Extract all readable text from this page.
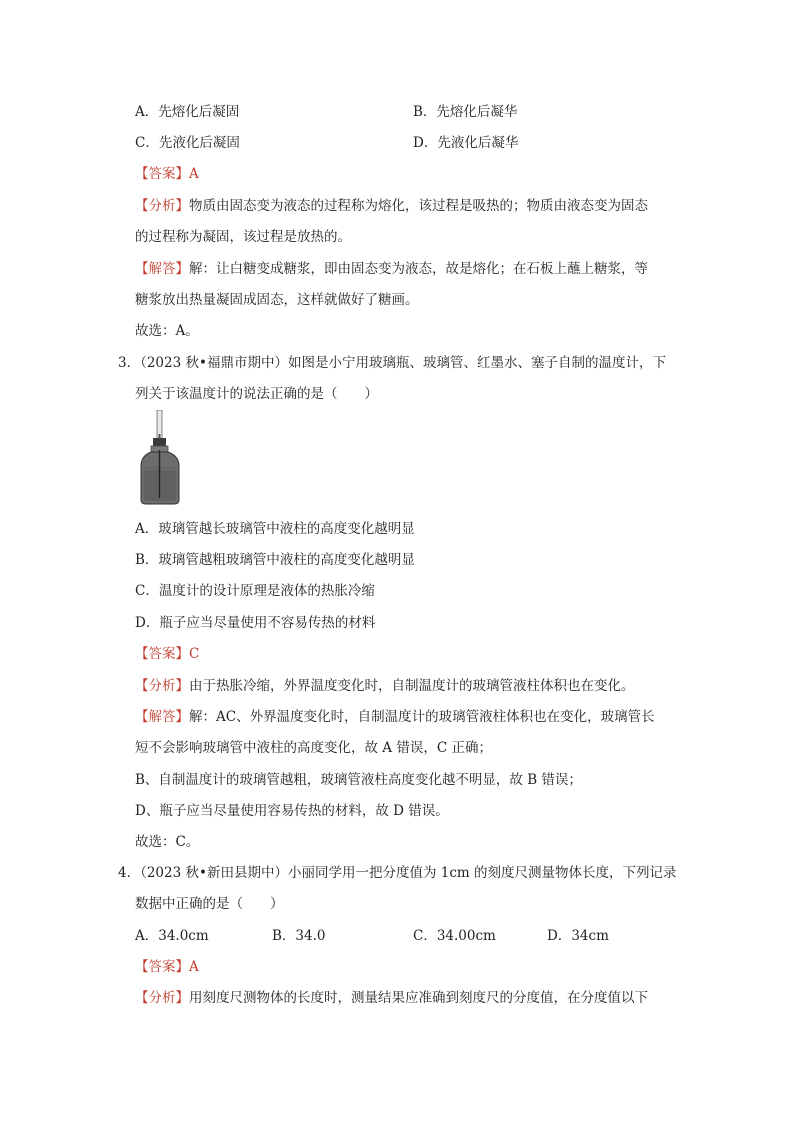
A．先熔化后凝固	B．先熔化后凝华
C．先液化后凝固	D．先液化后凝华
【答案】A
【分析】物质由固态变为液态的过程称为熔化，该过程是吸热的；物质由液态变为固态
的过程称为凝固，该过程是放热的。
【解答】解：让白糖变成糖浆，即由固态变为液态，故是熔化；在石板上蘸上糖浆，等
糖浆放出热量凝固成固态，这样就做好了糖画。
故选：A。
3．（2023 秋•福鼎市期中）如图是小宁用玻璃瓶、玻璃管、红墨水、塞子自制的温度计，下
列关于该温度计的说法正确的是（　　）
A．玻璃管越长玻璃管中液柱的高度变化越明显
B．玻璃管越粗玻璃管中液柱的高度变化越明显
C．温度计的设计原理是液体的热胀冷缩
D．瓶子应当尽量使用不容易传热的材料
【答案】C
【分析】由于热胀冷缩，外界温度变化时，自制温度计的玻璃管液柱体积也在变化。
【解答】解：AC、外界温度变化时，自制温度计的玻璃管液柱体积也在变化，玻璃管长
短不会影响玻璃管中液柱的高度变化，故 A 错误，C 正确；
B、自制温度计的玻璃管越粗，玻璃管液柱高度变化越不明显，故 B 错误；
D、瓶子应当尽量使用容易传热的材料，故 D 错误。
故选：C。
4．（2023 秋•新田县期中）小丽同学用一把分度值为 1cm 的刻度尺测量物体长度，下列记录
数据中正确的是（　　）
A．34.0cm	B．34.0	C．34.00cm	D．34cm
【答案】A
【分析】用刻度尺测物体的长度时，测量结果应准确到刻度尺的分度值，在分度值以下
